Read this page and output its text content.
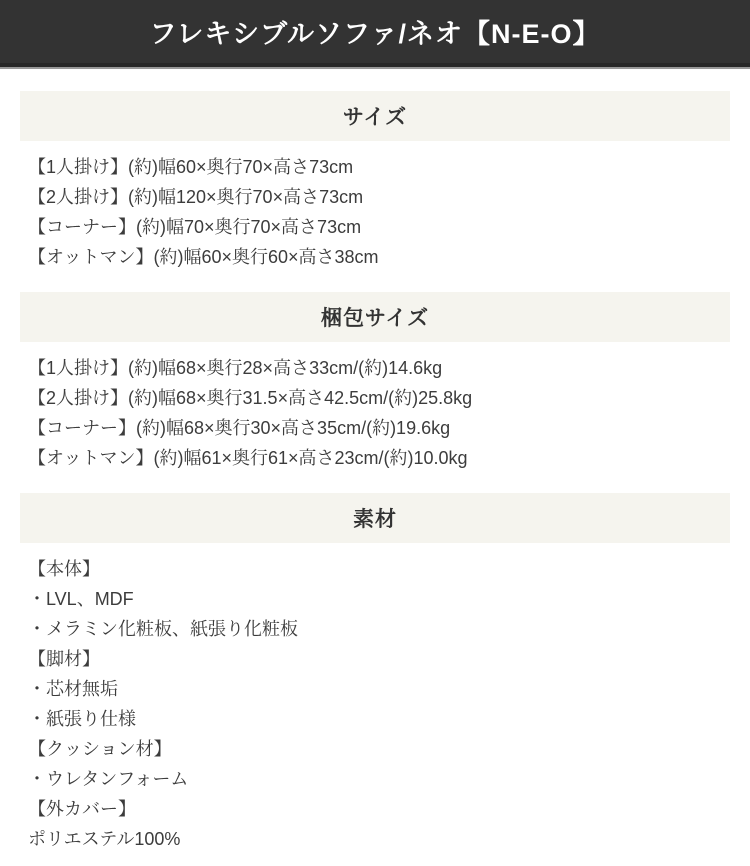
フレキシブルソファ/ネオ【N-E-O】
サイズ
【1人掛け】(約)幅60×奥行70×高さ73cm
【2人掛け】(約)幅120×奥行70×高さ73cm
【コーナー】(約)幅70×奥行70×高さ73cm
【オットマン】(約)幅60×奥行60×高さ38cm
梱包サイズ
【1人掛け】(約)幅68×奥行28×高さ33cm/(約)14.6kg
【2人掛け】(約)幅68×奥行31.5×高さ42.5cm/(約)25.8kg
【コーナー】(約)幅68×奥行30×高さ35cm/(約)19.6kg
【オットマン】(約)幅61×奥行61×高さ23cm/(約)10.0kg
素材
【本体】
・LVL、MDF
・メラミン化粧板、紙張り化粧板
【脚材】
・芯材無垢
・紙張り仕様
【クッション材】
・ウレタンフォーム
【外カバー】
ポリエステル100%
